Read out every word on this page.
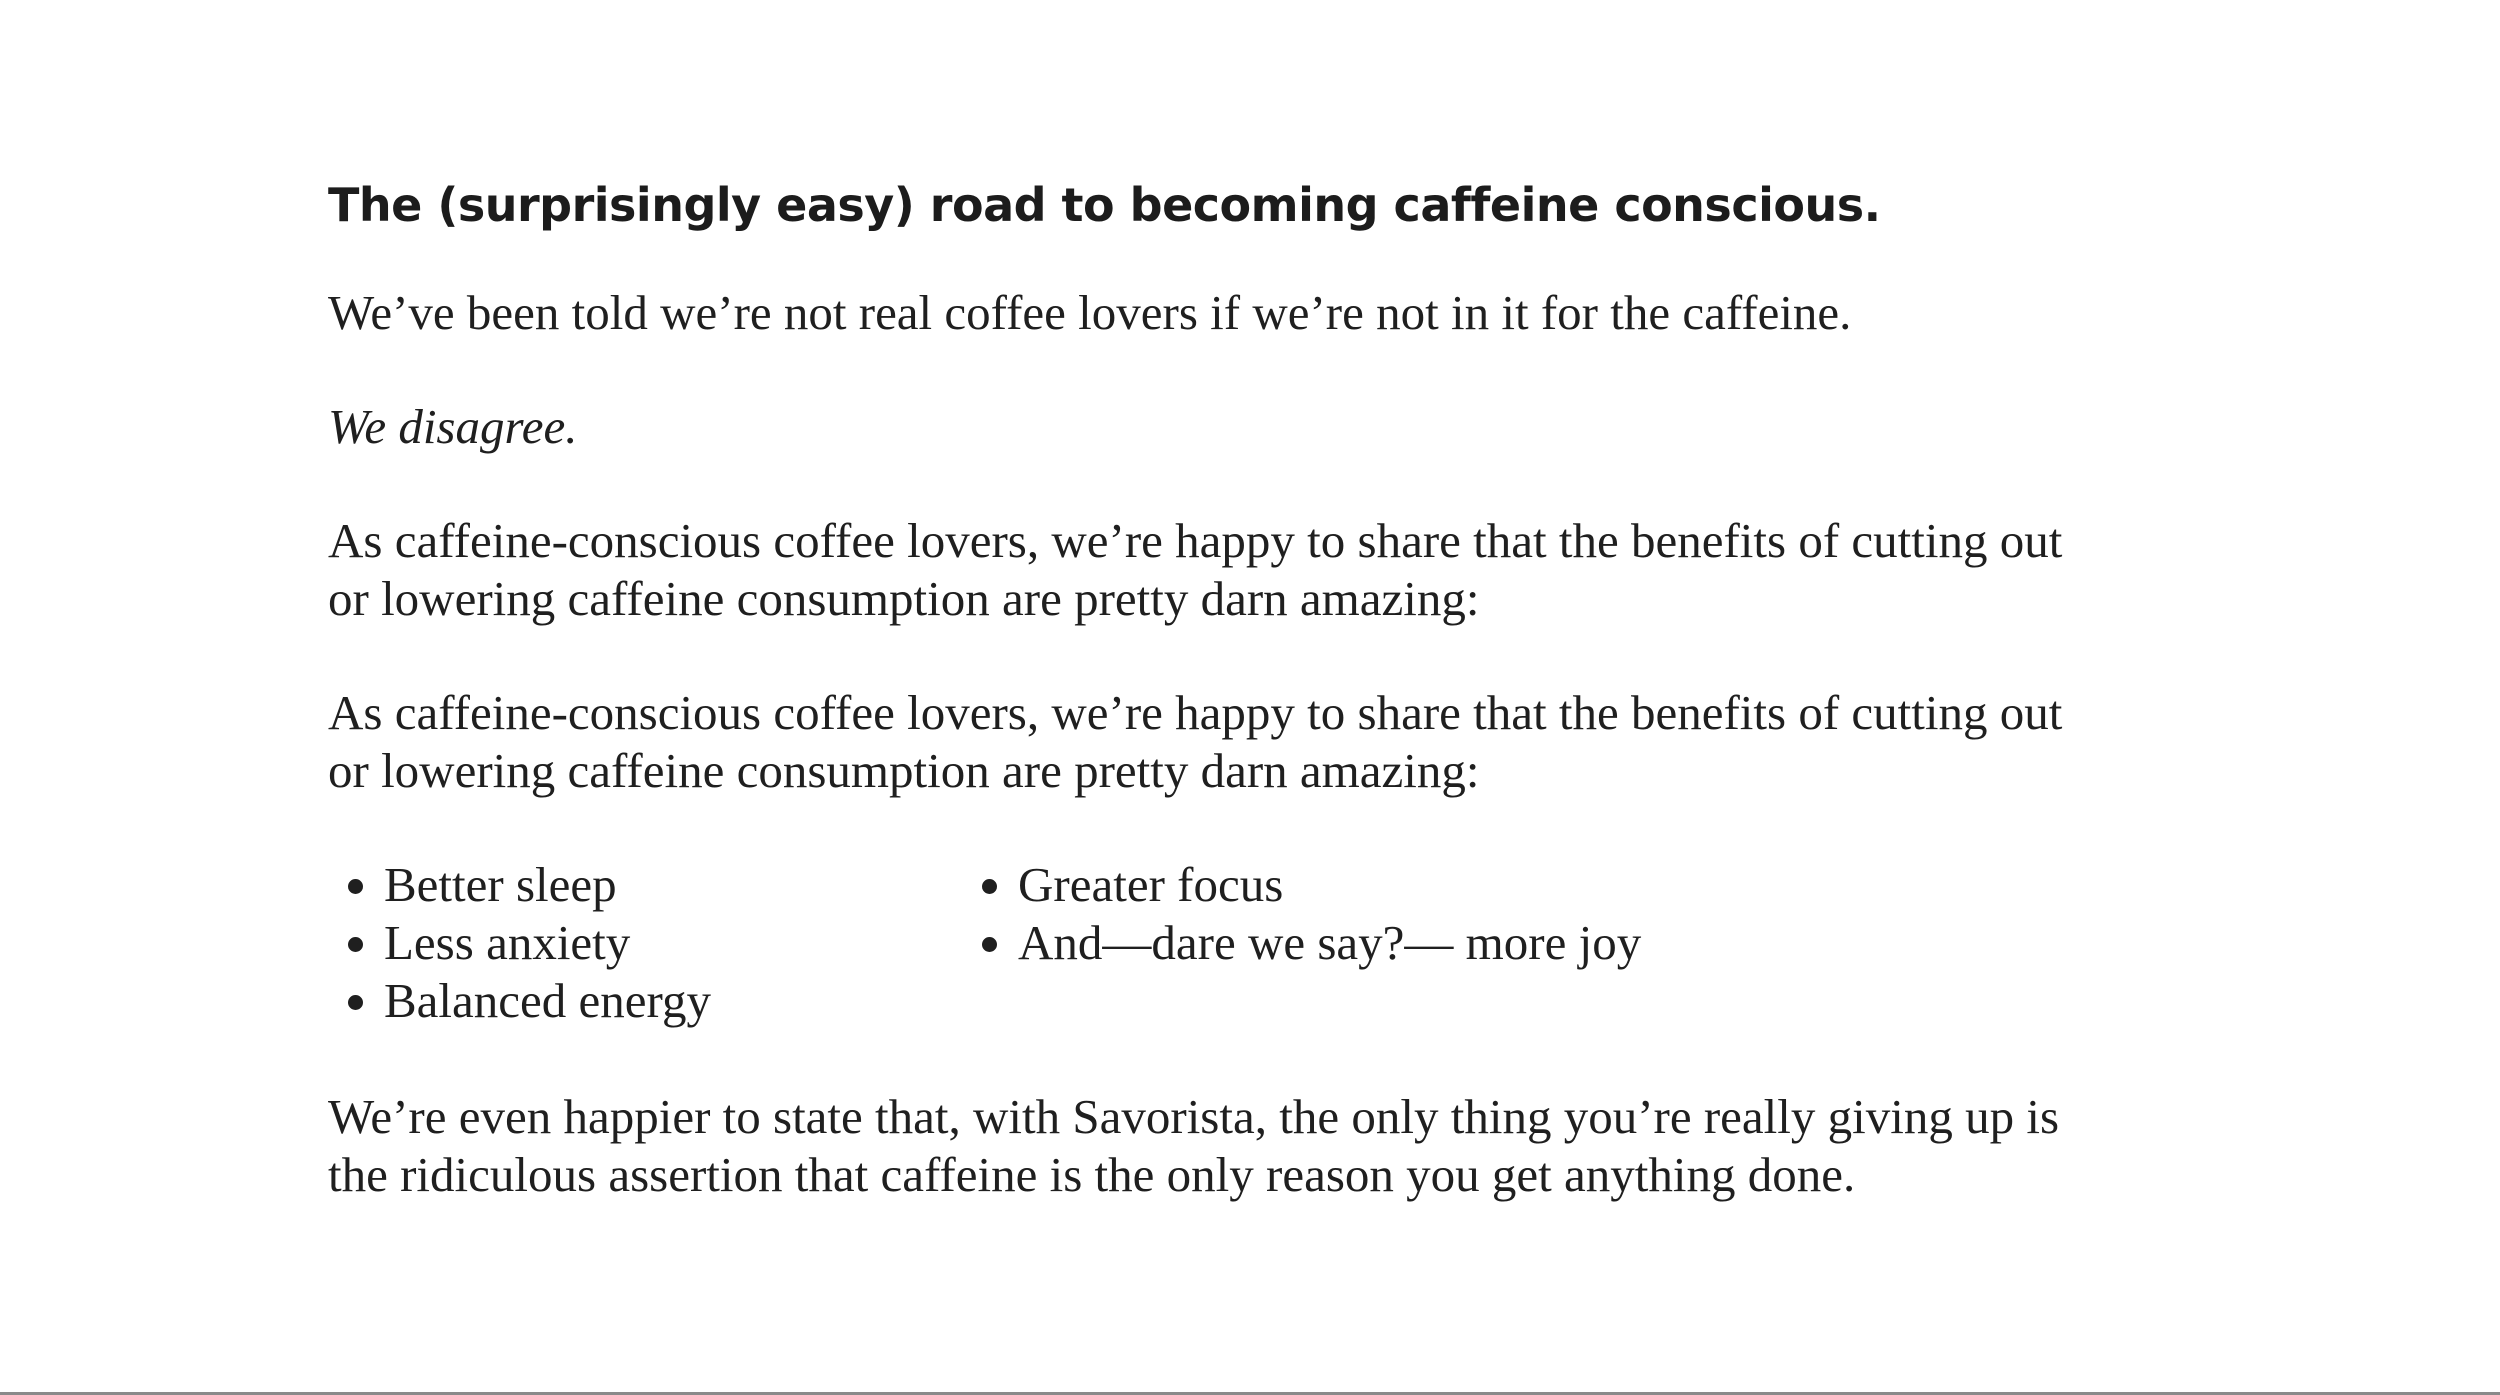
The (surprisingly easy) road to becoming caffeine conscious.

We’ve been told we’re not real coffee lovers if we’re not in it for the caffeine.

We disagree.

As caffeine-conscious coffee lovers, we’re happy to share that the benefits of cutting out or lowering caffeine consumption are pretty darn amazing:

As caffeine-conscious coffee lovers, we’re happy to share that the benefits of cutting out or lowering caffeine consumption are pretty darn amazing:

• Better sleep
• Less anxiety
• Balanced energy
• Greater focus
• And—dare we say?— more joy

We’re even happier to state that, with Savorista, the only thing you’re really giving up is the ridiculous assertion that caffeine is the only reason you get anything done.
